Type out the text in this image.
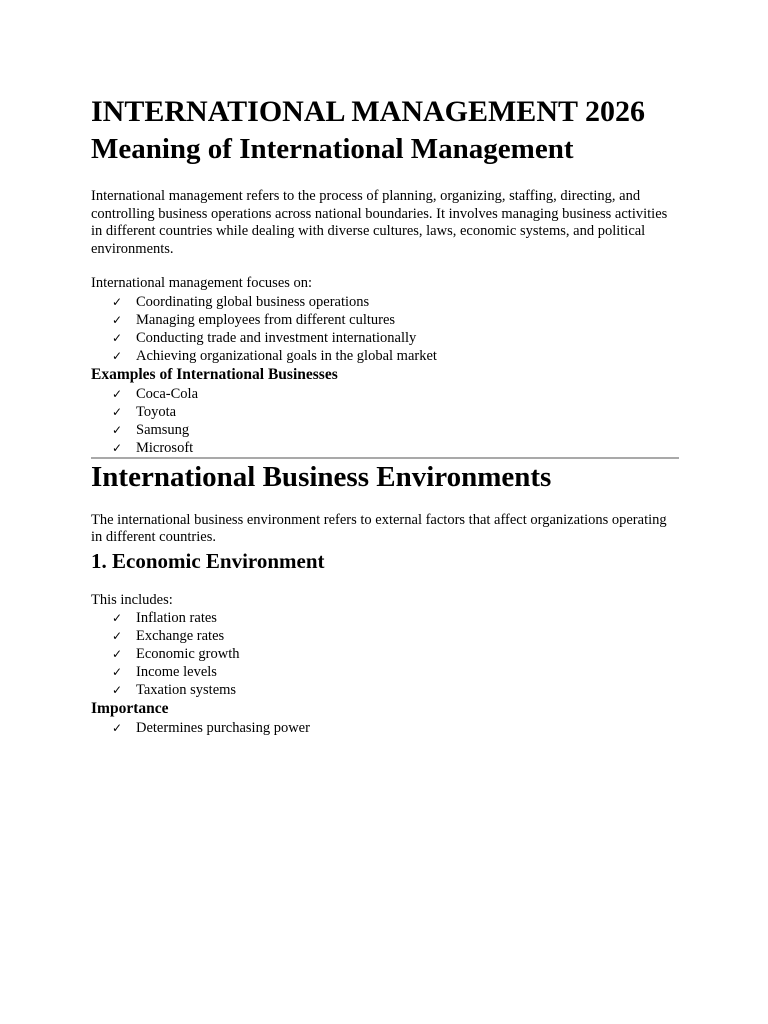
INTERNATIONAL MANAGEMENT 2026
Meaning of International Management

International management refers to the process of planning, organizing, staffing, directing, and controlling business operations across national boundaries. It involves managing business activities in different countries while dealing with diverse cultures, laws, economic systems, and political environments.

International management focuses on:

✓ Coordinating global business operations
✓ Managing employees from different cultures
✓ Conducting trade and investment internationally
✓ Achieving organizational goals in the global market
Examples of International Businesses
✓ Coca-Cola
✓ Toyota
✓ Samsung
✓ Microsoft
International Business Environments

The international business environment refers to external factors that affect organizations operating in different countries.

1. Economic Environment

This includes:

✓ Inflation rates
✓ Exchange rates
✓ Economic growth
✓ Income levels
✓ Taxation systems
Importance
✓ Determines purchasing power
